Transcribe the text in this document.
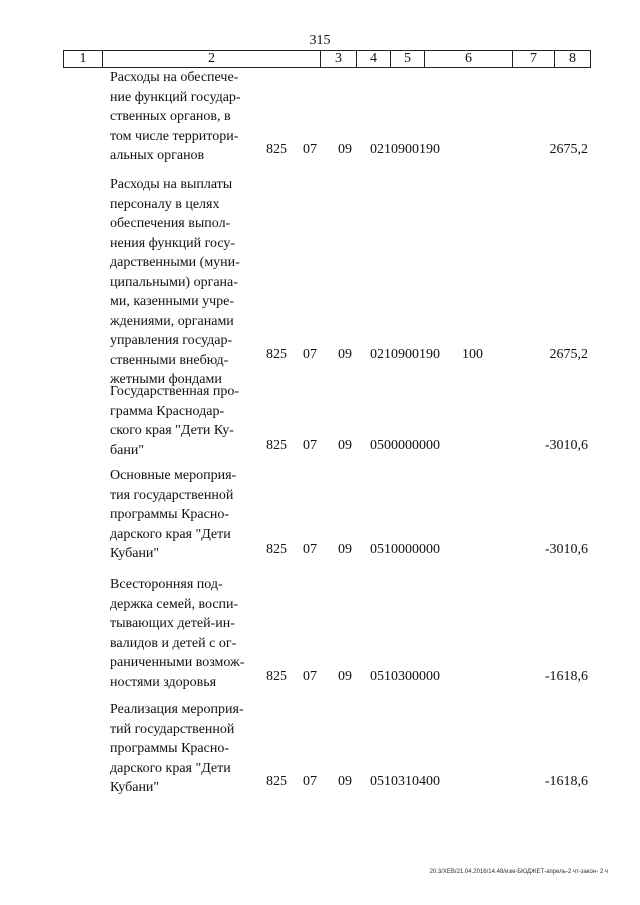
315
1	2	3	4	5	6	7	8
Расходы на обеспече-
ние функций государ-
ственных органов, в
том числе территори-
альных органов	825 07 09 0210900190	2675,2
Расходы на выплаты
персоналу в целях
обеспечения выпол-
нения функций госу-
дарственными (муни-
ципальными) органа-
ми, казенными учре-
ждениями, органами
управления государ-
ственными внебюд-
жетными фондами
825 07 09 0210900190 100	2675,2
Государственная про-
грамма Краснодар-
ского края "Дети Ку-
бани"	825 07 09 0500000000	-3010,6
Основные мероприя-
тия государственной
программы Красно-
дарского края "Дети
Кубани"	825 07 09 0510000000	-3010,6
Всесторонняя под-
держка семей, воспи-
тывающих детей-ин-
валидов и детей с ог-
раниченными возмож-
ностями здоровья	825 07 09 0510300000	-1618,6
Реализация мероприя-
тий государственной
программы Красно-
дарского края "Дети
Кубани"	825 07 09 0510310400	-1618,6
20.3/ХЕВ/21.04.2016/14.48/изм-БЮДЖЕТ-апрель-2 чт-закон- 2 ч
